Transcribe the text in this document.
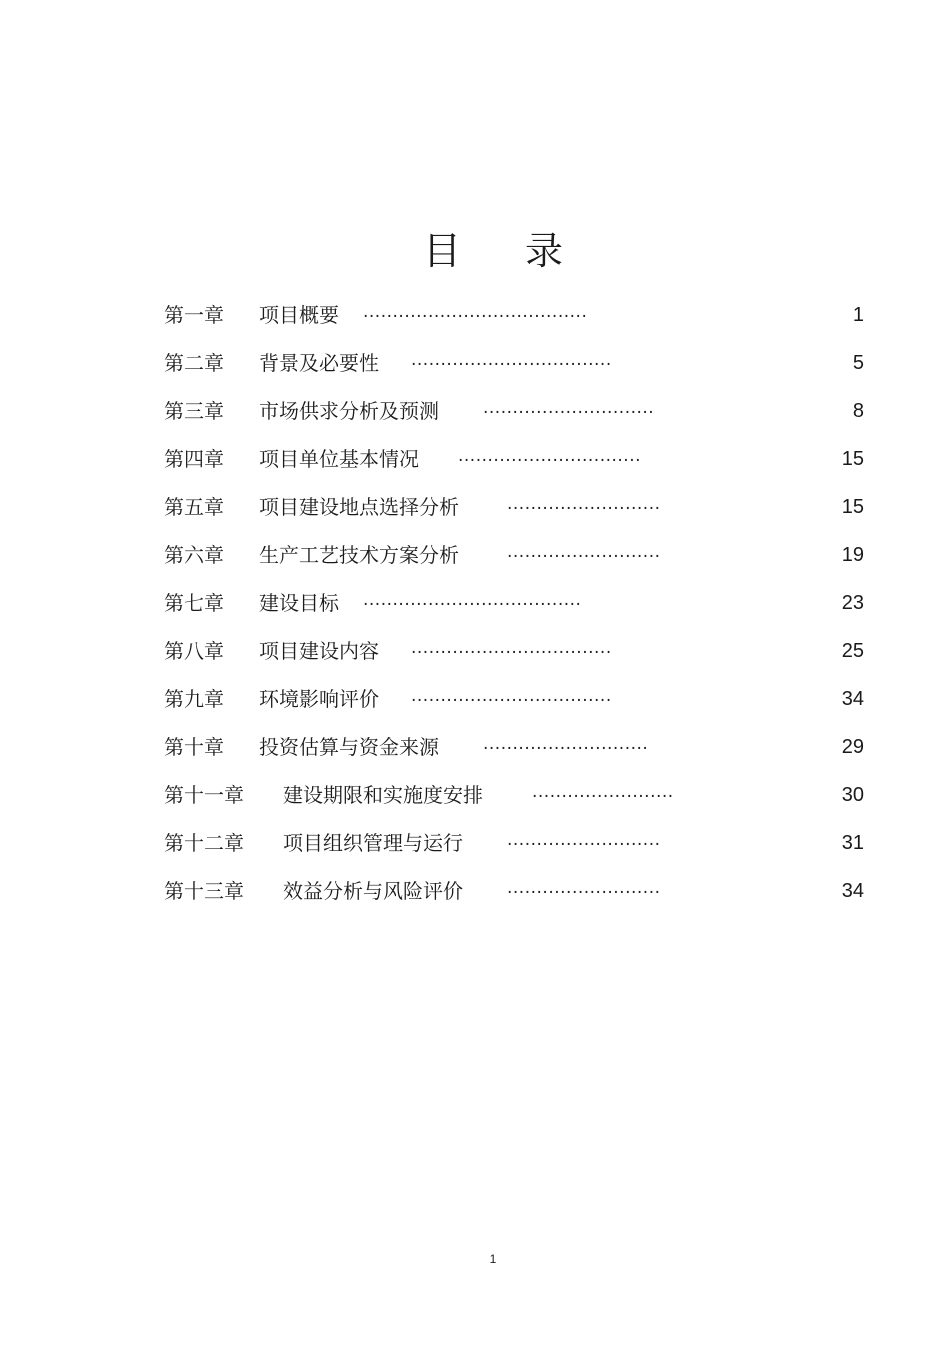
目 录
第一章 项目概要 ......................................	1
第二章 背景及必要性 ..................................	5
第三章 市场供求分析及预测	.............................	8
第四章 项目单位基本情况 ...............................	15
第五章 项目建设地点选择分析	..........................	15
第六章 生产工艺技术方案分析	..........................	19
第七章 建设目标 .....................................	23
第八章 项目建设内容 ..................................	25
第九章 环境影响评价 ..................................	34
第十章 投资估算与资金来源	............................	29
第十一章 建设期限和实施度安排	........................	30
第十二章 项目组织管理与运行	..........................	31
第十三章 效益分析与风险评价	..........................	34
1
